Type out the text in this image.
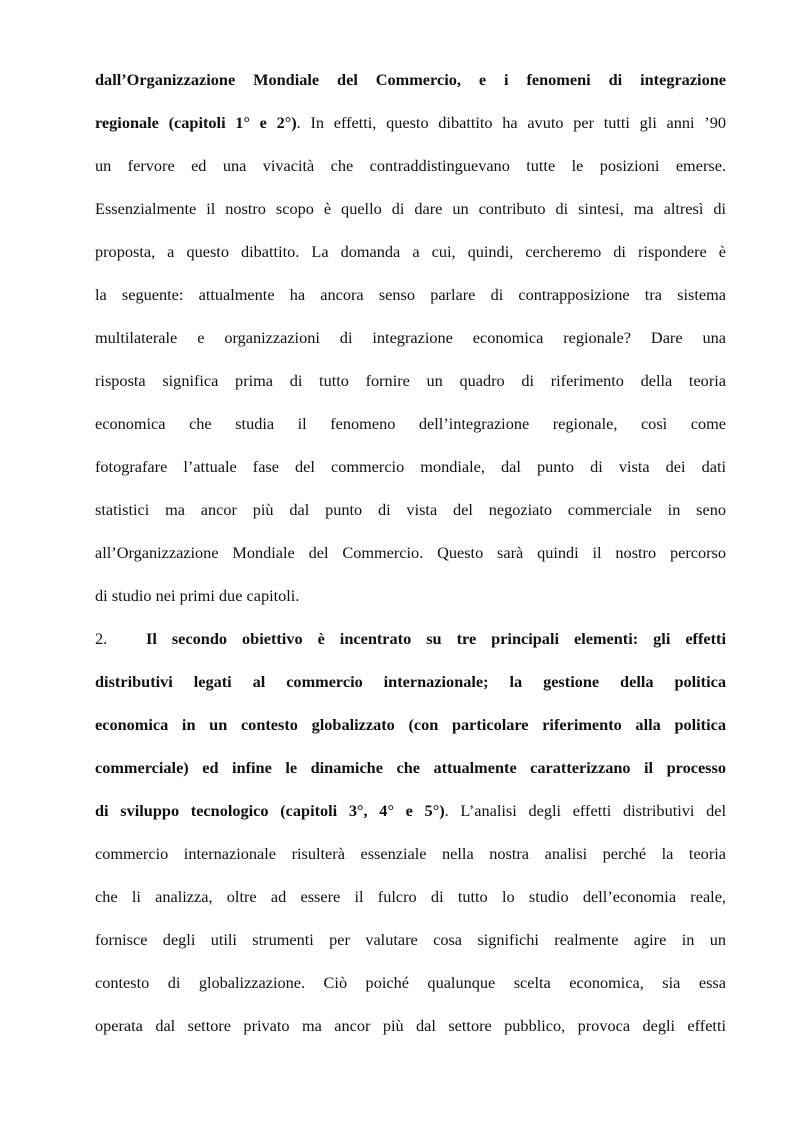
dall’Organizzazione Mondiale del Commercio, e i fenomeni di integrazione
regionale (capitoli 1° e 2°). In effetti, questo dibattito ha avuto per tutti gli anni ’90
un fervore ed una vivacità che contraddistinguevano tutte le posizioni emerse.
Essenzialmente il nostro scopo è quello di dare un contributo di sintesi, ma altresì di
proposta, a questo dibattito. La domanda a cui, quindi, cercheremo di rispondere è
la seguente: attualmente ha ancora senso parlare di contrapposizione tra sistema
multilaterale e organizzazioni di integrazione economica regionale? Dare una
risposta significa prima di tutto fornire un quadro di riferimento della teoria
economica che studia il fenomeno dell’integrazione regionale, così come
fotografare l’attuale fase del commercio mondiale, dal punto di vista dei dati
statistici ma ancor più dal punto di vista del negoziato commerciale in seno
all’Organizzazione Mondiale del Commercio. Questo sarà quindi il nostro percorso
di studio nei primi due capitoli.
2.	Il secondo obiettivo è incentrato su tre principali elementi: gli effetti
distributivi legati al commercio internazionale; la gestione della politica
economica in un contesto globalizzato (con particolare riferimento alla politica
commerciale) ed infine le dinamiche che attualmente caratterizzano il processo
di sviluppo tecnologico (capitoli 3°, 4° e 5°). L’analisi degli effetti distributivi del
commercio internazionale risulterà essenziale nella nostra analisi perché la teoria
che li analizza, oltre ad essere il fulcro di tutto lo studio dell’economia reale,
fornisce degli utili strumenti per valutare cosa significhi realmente agire in un
contesto di globalizzazione. Ciò poiché qualunque scelta economica, sia essa
operata dal settore privato ma ancor più dal settore pubblico, provoca degli effetti
